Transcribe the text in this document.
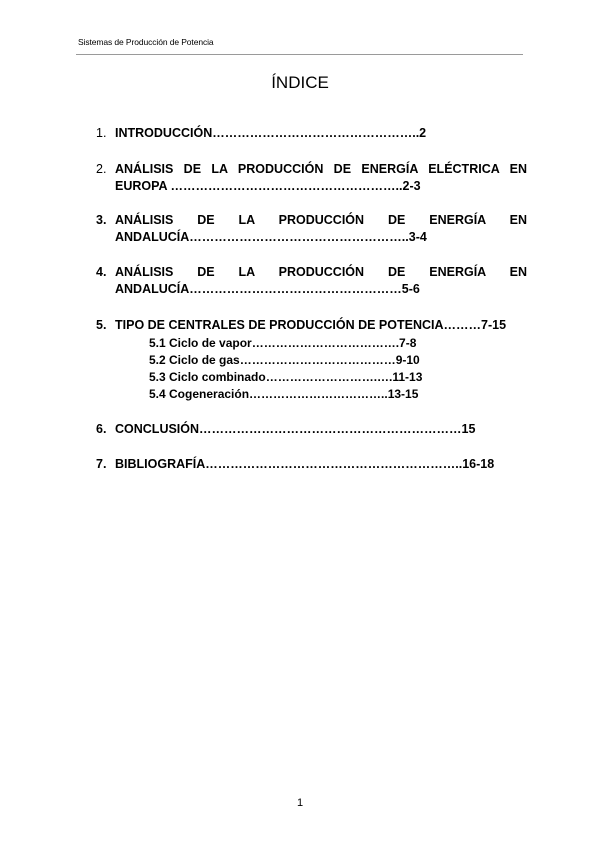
Sistemas de Producción de Potencia
ÍNDICE
1. INTRODUCCIÓN…………………………………………..2
2. ANÁLISIS DE LA PRODUCCIÓN DE ENERGÍA ELÉCTRICA EN
EUROPA ………………………………………………..2-3
3. ANÁLISIS DE LA PRODUCCIÓN DE ENERGÍA EN
ANDALUCÍA……………………………………………..3-4
4. ANÁLISIS DE LA PRODUCCIÓN DE ENERGÍA EN
ANDALUCÍA……………………………………………5-6
5. TIPO DE CENTRALES DE PRODUCCIÓN DE POTENCIA………7-15
5.1 Ciclo de vapor……………………………….7-8
5.2 Ciclo de gas…………………………………9-10
5.3 Ciclo combinado……………………….….11-13
5.4 Cogeneración……………………………..13-15
6. CONCLUSIÓN………………………………………………………15
7. BIBLIOGRAFÍA……………………………………………………..16-18
1
